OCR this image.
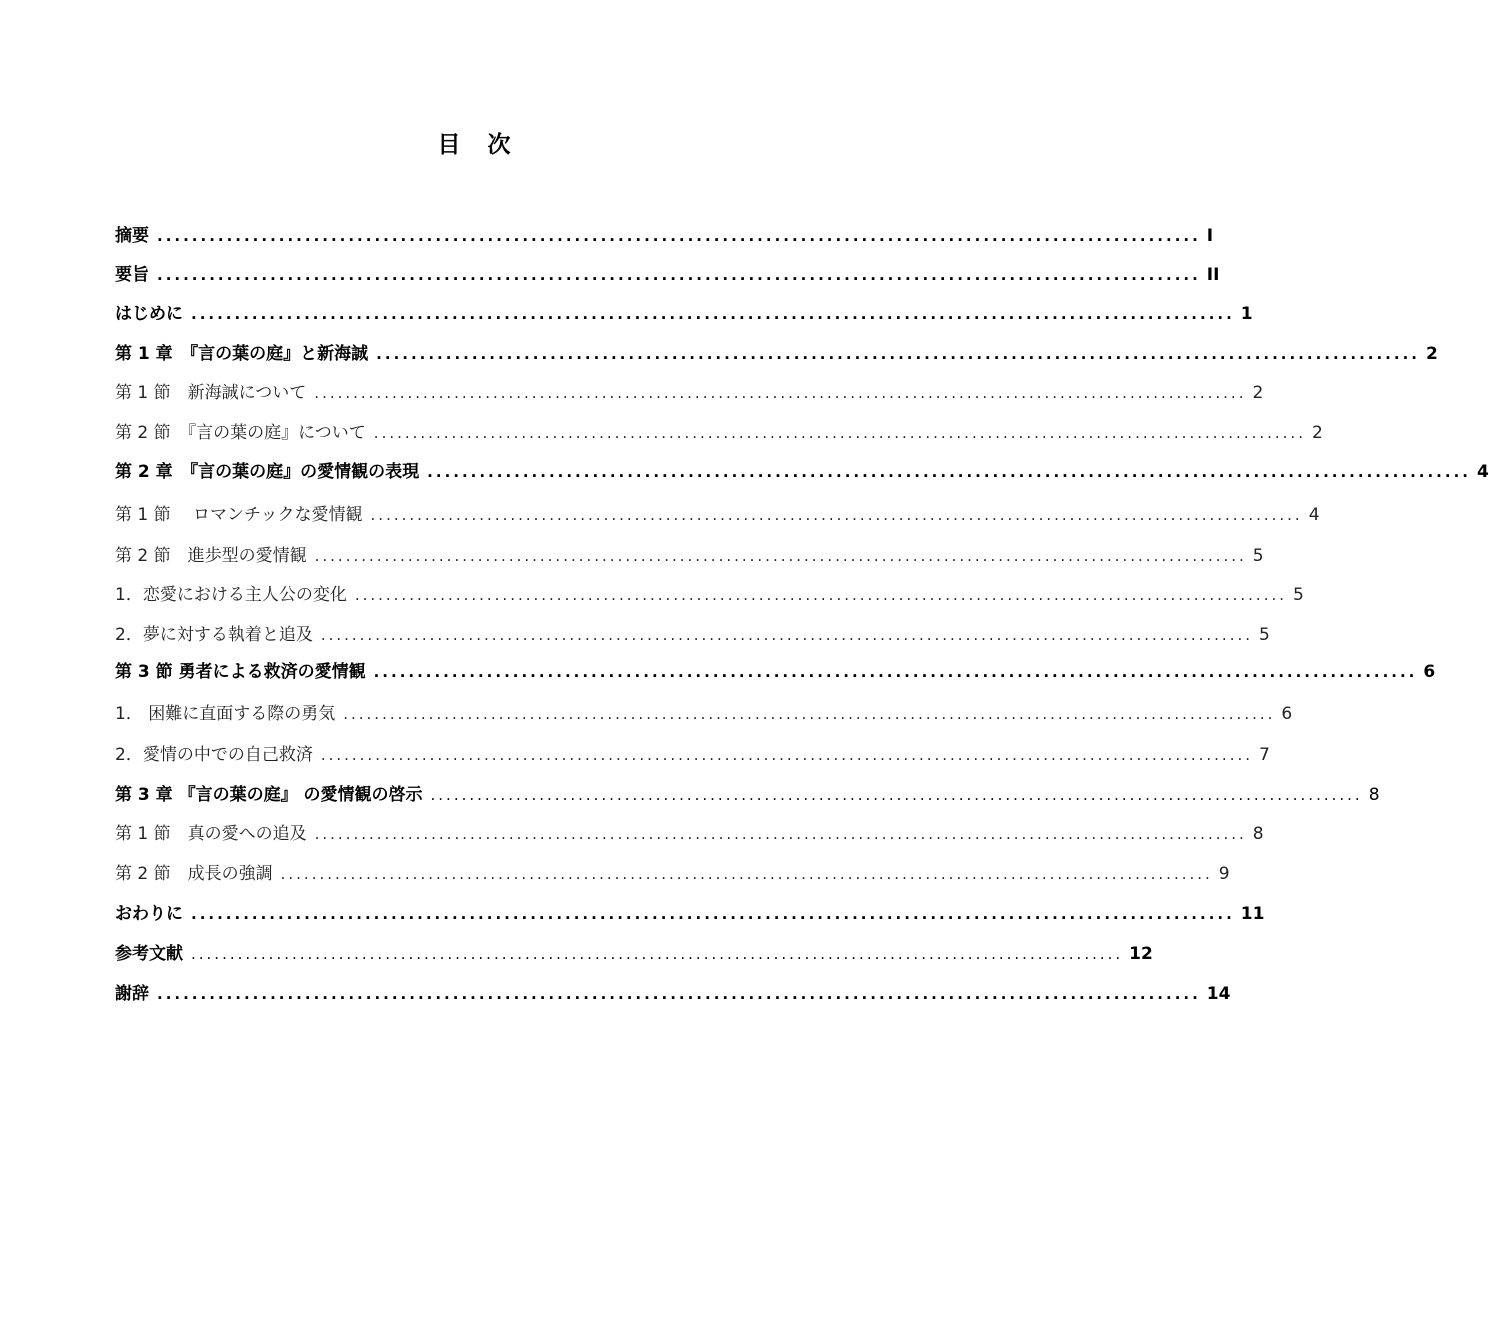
目　次
摘要 ........................................................................................................................ I
要旨 ........................................................................................................................ II
はじめに ........................................................................................................................ 1
第 1 章　『言の葉の庭』と新海誠 ........................................................................................................................ 2
第 1 節　新海誠について ........................................................................................................................ 2
第 2 節　『言の葉の庭』について ........................................................................................................................ 2
第 2 章　『言の葉の庭』の愛情観の表現 ........................................................................................................................ 4
第 1 節　 ロマンチックな愛情観 ........................................................................................................................ 4
第 2 節　進歩型の愛情観 ........................................................................................................................ 5
1．恋愛における主人公の変化 ........................................................................................................................ 5
2．夢に対する執着と追及 ........................................................................................................................ 5
第 3 節 勇者による救済の愛情観 ........................................................................................................................ 6
1． 困難に直面する際の勇気 ........................................................................................................................ 6
2．愛情の中での自己救済 ........................................................................................................................ 7
第 3 章 『言の葉の庭』 の愛情観の啓示 ........................................................................................................................ 8
第 1 節　真の愛への追及 ........................................................................................................................ 8
第 2 節　成長の強調 ........................................................................................................................ 9
おわりに ........................................................................................................................ 11
参考文献 ........................................................................................................................ 12
謝辞 ........................................................................................................................ 14
